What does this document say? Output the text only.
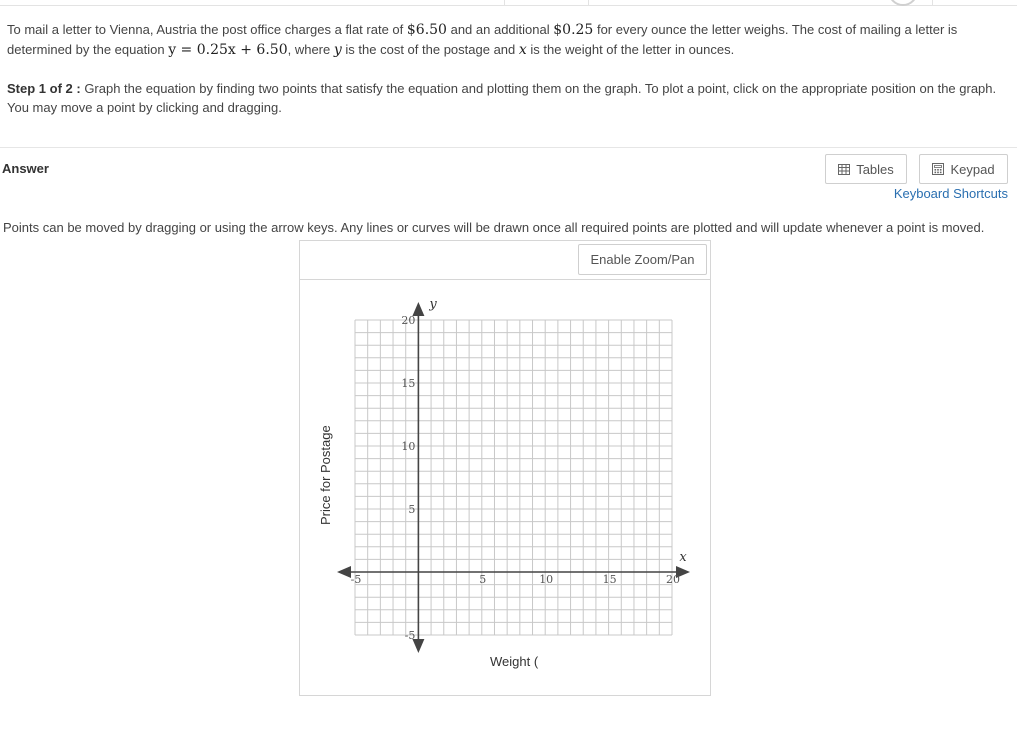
To mail a letter to Vienna, Austria the post office charges a flat rate of $6.50 and an additional $0.25 for every ounce the letter weighs. The cost of mailing a letter is determined by the equation y = 0.25x + 6.50, where y is the cost of the postage and x is the weight of the letter in ounces.
Step 1 of 2 : Graph the equation by finding two points that satisfy the equation and plotting them on the graph. To plot a point, click on the appropriate position on the graph. You may move a point by clicking and dragging.
Answer	Tables	Keypad
Keyboard Shortcuts
Points can be moved by dragging or using the arrow keys. Any lines or curves will be drawn once all required points are plotted and will update whenever a point is moved.
Enable Zoom/Pan
-5	5	10	15	20
20
15
10
5
-5
x
y
Weight (
Price for Postage
